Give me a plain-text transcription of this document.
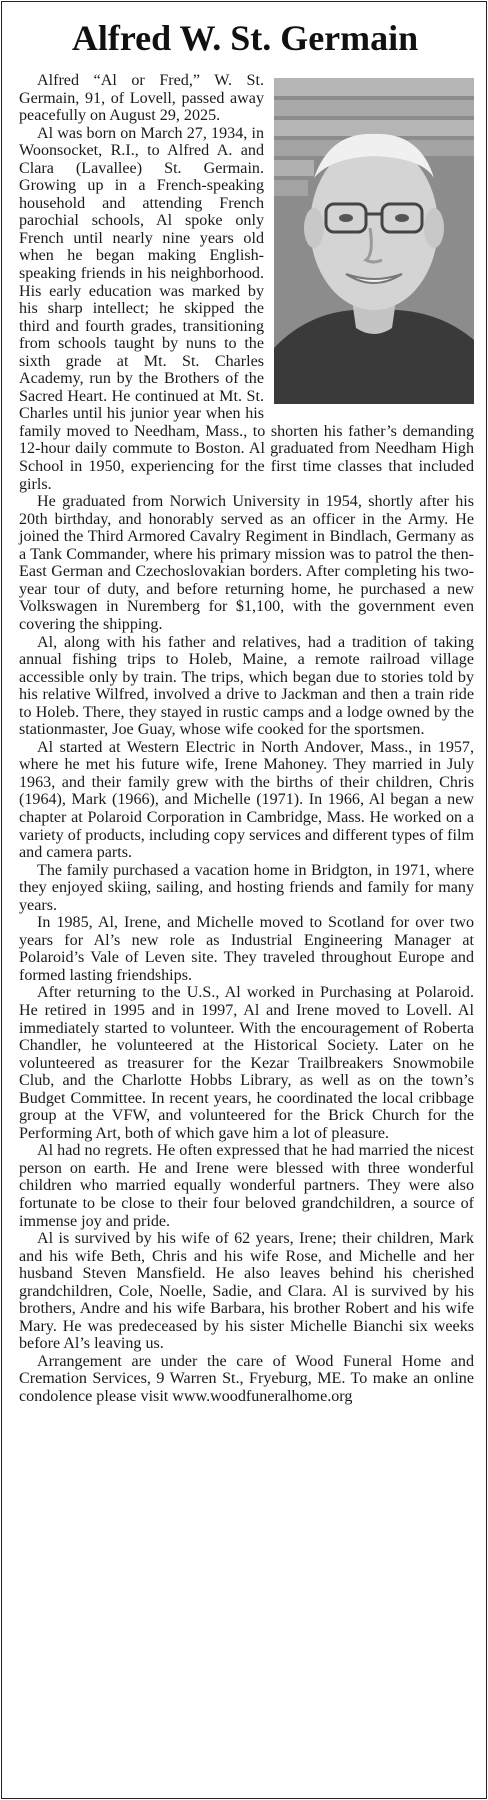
Alfred W. St. Germain

Alfred “Al or Fred,” W. St. Germain, 91, of Lovell, passed away peacefully on August 29, 2025.

Al was born on March 27, 1934, in Woonsocket, R.I., to Alfred A. and Clara (Lavallee) St. Germain. Growing up in a French-speaking household and attending French parochial schools, Al spoke only French until nearly nine years old when he began making English-speaking friends in his neighborhood. His early education was marked by his sharp intellect; he skipped the third and fourth grades, transitioning from schools taught by nuns to the sixth grade at Mt. St. Charles Academy, run by the Brothers of the Sacred Heart. He continued at Mt. St. Charles until his junior year when his family moved to Needham, Mass., to shorten his father’s demanding 12-hour daily commute to Boston. Al graduated from Needham High School in 1950, experiencing for the first time classes that included girls.

He graduated from Norwich University in 1954, shortly after his 20th birthday, and honorably served as an officer in the Army. He joined the Third Armored Cavalry Regiment in Bindlach, Germany as a Tank Commander, where his primary mission was to patrol the then-East German and Czechoslovakian borders. After completing his two-year tour of duty, and before returning home, he purchased a new Volkswagen in Nuremberg for $1,100, with the government even covering the shipping.

Al, along with his father and relatives, had a tradition of taking annual fishing trips to Holeb, Maine, a remote railroad village accessible only by train. The trips, which began due to stories told by his relative Wilfred, involved a drive to Jackman and then a train ride to Holeb. There, they stayed in rustic camps and a lodge owned by the stationmaster, Joe Guay, whose wife cooked for the sportsmen.

Al started at Western Electric in North Andover, Mass., in 1957, where he met his future wife, Irene Mahoney. They married in July 1963, and their family grew with the births of their children, Chris (1964), Mark (1966), and Michelle (1971). In 1966, Al began a new chapter at Polaroid Corporation in Cambridge, Mass. He worked on a variety of products, including copy services and different types of film and camera parts.

The family purchased a vacation home in Bridgton, in 1971, where they enjoyed skiing, sailing, and hosting friends and family for many years.

In 1985, Al, Irene, and Michelle moved to Scotland for over two years for Al’s new role as Industrial Engineering Manager at Polaroid’s Vale of Leven site. They traveled throughout Europe and formed lasting friendships.

After returning to the U.S., Al worked in Purchasing at Polaroid. He retired in 1995 and in 1997, Al and Irene moved to Lovell. Al immediately started to volunteer. With the encouragement of Roberta Chandler, he volunteered at the Historical Society. Later on he volunteered as treasurer for the Kezar Trailbreakers Snowmobile Club, and the Charlotte Hobbs Library, as well as on the town’s Budget Committee. In recent years, he coordinated the local cribbage group at the VFW, and volunteered for the Brick Church for the Performing Art, both of which gave him a lot of pleasure.

Al had no regrets. He often expressed that he had married the nicest person on earth. He and Irene were blessed with three wonderful children who married equally wonderful partners. They were also fortunate to be close to their four beloved grandchildren, a source of immense joy and pride.

Al is survived by his wife of 62 years, Irene; their children, Mark and his wife Beth, Chris and his wife Rose, and Michelle and her husband Steven Mansfield. He also leaves behind his cherished grandchildren, Cole, Noelle, Sadie, and Clara. Al is survived by his brothers, Andre and his wife Barbara, his brother Robert and his wife Mary. He was predeceased by his sister Michelle Bianchi six weeks before Al’s leaving us.

Arrangement are under the care of Wood Funeral Home and Cremation Services, 9 Warren St., Fryeburg, ME. To make an online condolence please visit www.woodfuneralhome.org
